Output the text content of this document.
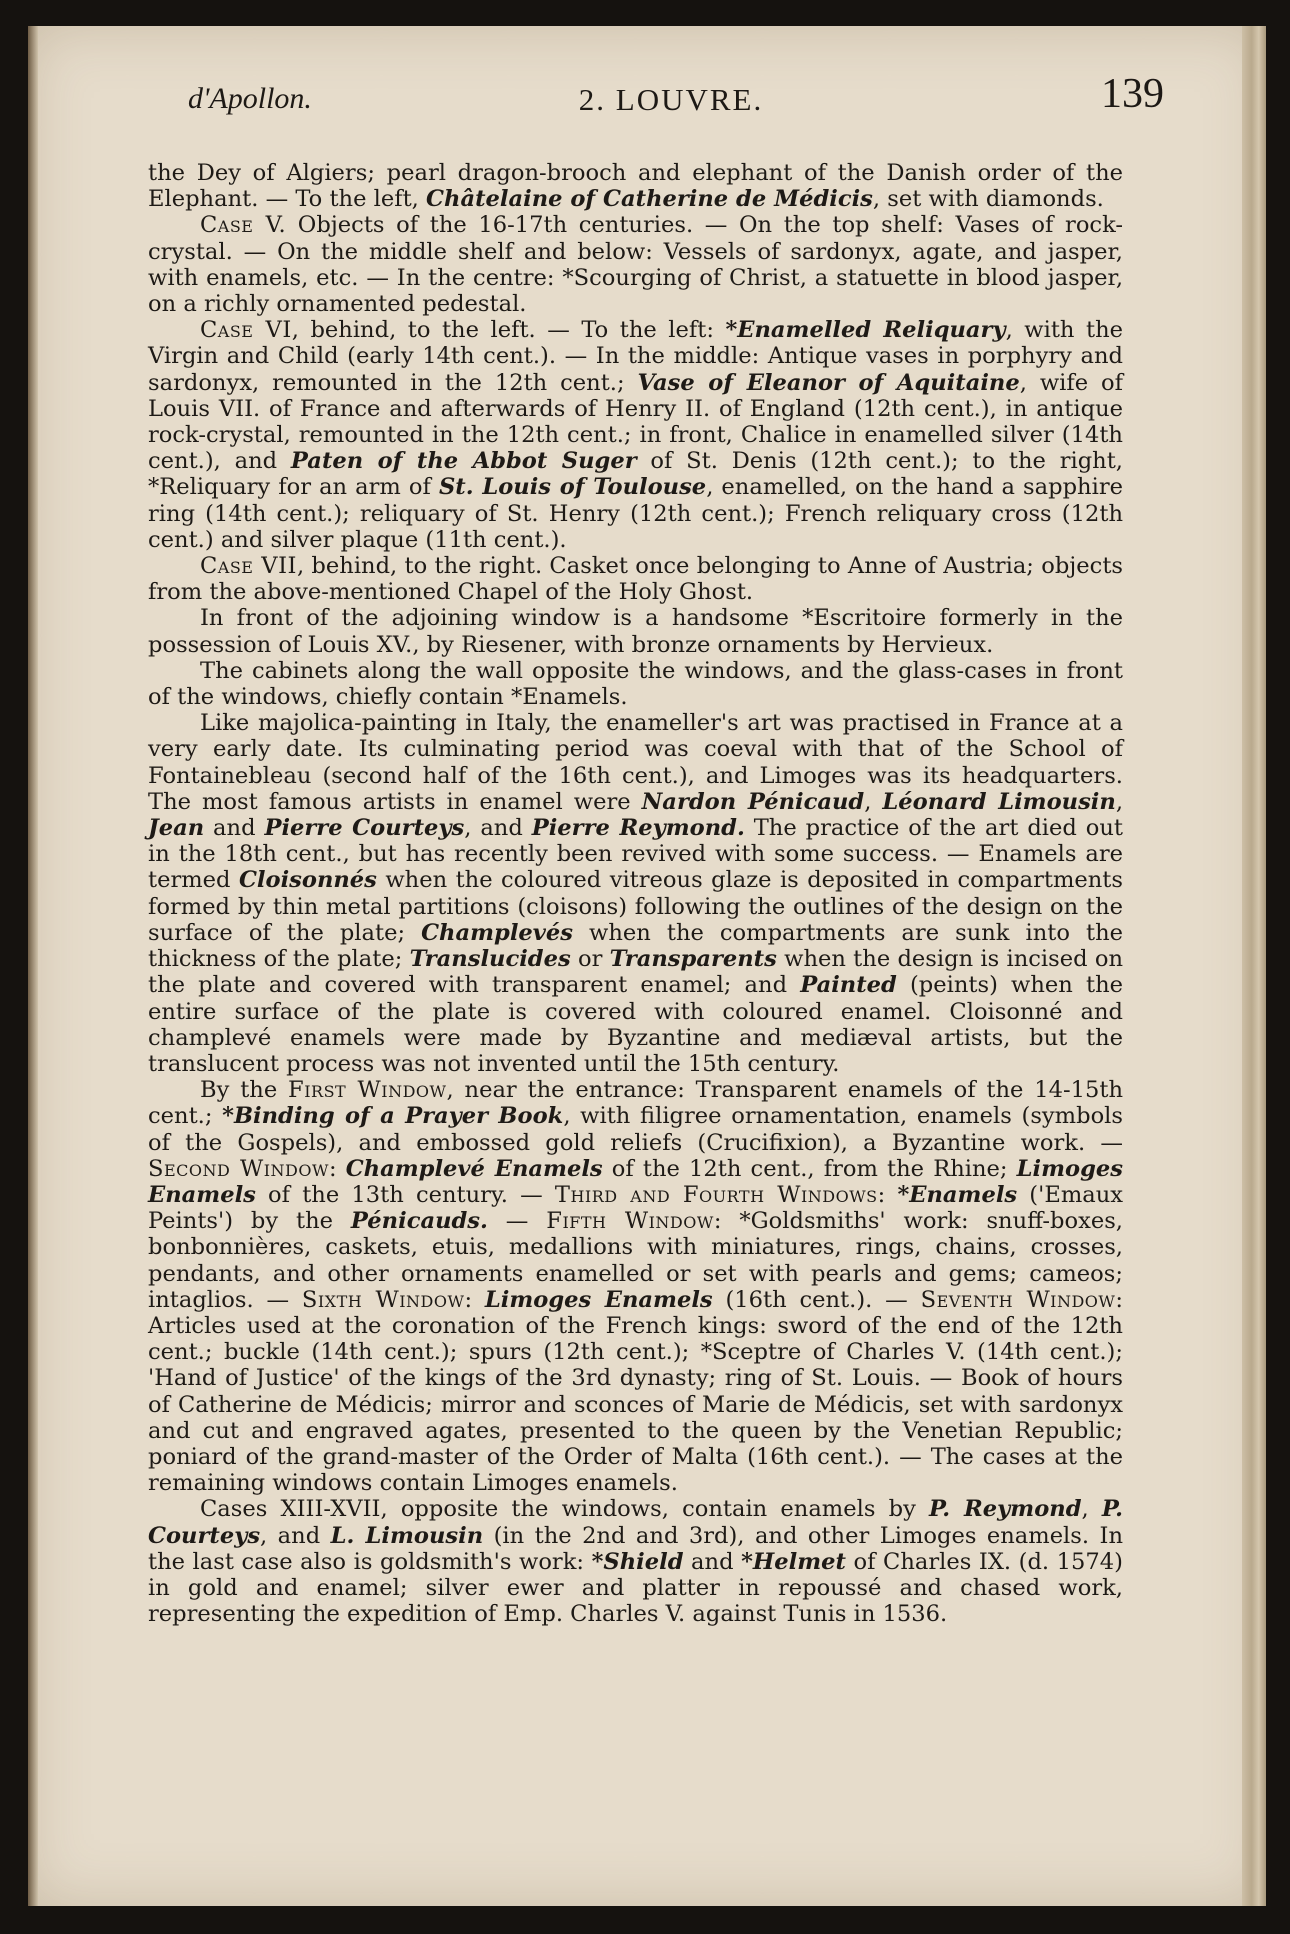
d'Apollon.	2. LOUVRE.	139

the Dey of Algiers; pearl dragon-brooch and elephant of the Danish order of the Elephant. — To the left, Châtelaine of Catherine de Médicis, set with diamonds.

Case V. Objects of the 16-17th centuries. — On the top shelf: Vases of rock-crystal. — On the middle shelf and below: Vessels of sardonyx, agate, and jasper, with enamels, etc. — In the centre: *Scourging of Christ, a statuette in blood jasper, on a richly ornamented pedestal.

Case VI, behind, to the left. — To the left: *Enamelled Reliquary, with the Virgin and Child (early 14th cent.). — In the middle: Antique vases in porphyry and sardonyx, remounted in the 12th cent.; Vase of Eleanor of Aquitaine, wife of Louis VII. of France and afterwards of Henry II. of England (12th cent.), in antique rock-crystal, remounted in the 12th cent.; in front, Chalice in enamelled silver (14th cent.), and Paten of the Abbot Suger of St. Denis (12th cent.); to the right, *Reliquary for an arm of St. Louis of Toulouse, enamelled, on the hand a sapphire ring (14th cent.); reliquary of St. Henry (12th cent.); French reliquary cross (12th cent.) and silver plaque (11th cent.).

Case VII, behind, to the right. Casket once belonging to Anne of Austria; objects from the above-mentioned Chapel of the Holy Ghost.

In front of the adjoining window is a handsome *Escritoire formerly in the possession of Louis XV., by Riesener, with bronze ornaments by Hervieux.

The cabinets along the wall opposite the windows, and the glass-cases in front of the windows, chiefly contain *Enamels.

Like majolica-painting in Italy, the enameller's art was practised in France at a very early date. Its culminating period was coeval with that of the School of Fontainebleau (second half of the 16th cent.), and Limoges was its headquarters. The most famous artists in enamel were Nardon Pénicaud, Léonard Limousin, Jean and Pierre Courteys, and Pierre Reymond. The practice of the art died out in the 18th cent., but has recently been revived with some success. — Enamels are termed Cloisonnés when the coloured vitreous glaze is deposited in compartments formed by thin metal partitions (cloisons) following the outlines of the design on the surface of the plate; Champlevés when the compartments are sunk into the thickness of the plate; Translucides or Transparents when the design is incised on the plate and covered with transparent enamel; and Painted (peints) when the entire surface of the plate is covered with coloured enamel. Cloisonné and champlevé enamels were made by Byzantine and mediæval artists, but the translucent process was not invented until the 15th century.

By the First Window, near the entrance: Transparent enamels of the 14-15th cent.; *Binding of a Prayer Book, with filigree ornamentation, enamels (symbols of the Gospels), and embossed gold reliefs (Crucifixion), a Byzantine work. — Second Window: Champlevé Enamels of the 12th cent., from the Rhine; Limoges Enamels of the 13th century. — Third and Fourth Windows: *Enamels ('Emaux Peints') by the Pénicauds. — Fifth Window: *Goldsmiths' work: snuff-boxes, bonbonnières, caskets, etuis, medallions with miniatures, rings, chains, crosses, pendants, and other ornaments enamelled or set with pearls and gems; cameos; intaglios. — Sixth Window: Limoges Enamels (16th cent.). — Seventh Window: Articles used at the coronation of the French kings: sword of the end of the 12th cent.; buckle (14th cent.); spurs (12th cent.); *Sceptre of Charles V. (14th cent.); 'Hand of Justice' of the kings of the 3rd dynasty; ring of St. Louis. — Book of hours of Catherine de Médicis; mirror and sconces of Marie de Médicis, set with sardonyx and cut and engraved agates, presented to the queen by the Venetian Republic; poniard of the grand-master of the Order of Malta (16th cent.). — The cases at the remaining windows contain Limoges enamels.

Cases XIII-XVII, opposite the windows, contain enamels by P. Reymond, P. Courteys, and L. Limousin (in the 2nd and 3rd), and other Limoges enamels. In the last case also is goldsmith's work: *Shield and *Helmet of Charles IX. (d. 1574) in gold and enamel; silver ewer and platter in repoussé and chased work, representing the expedition of Emp. Charles V. against Tunis in 1536.
